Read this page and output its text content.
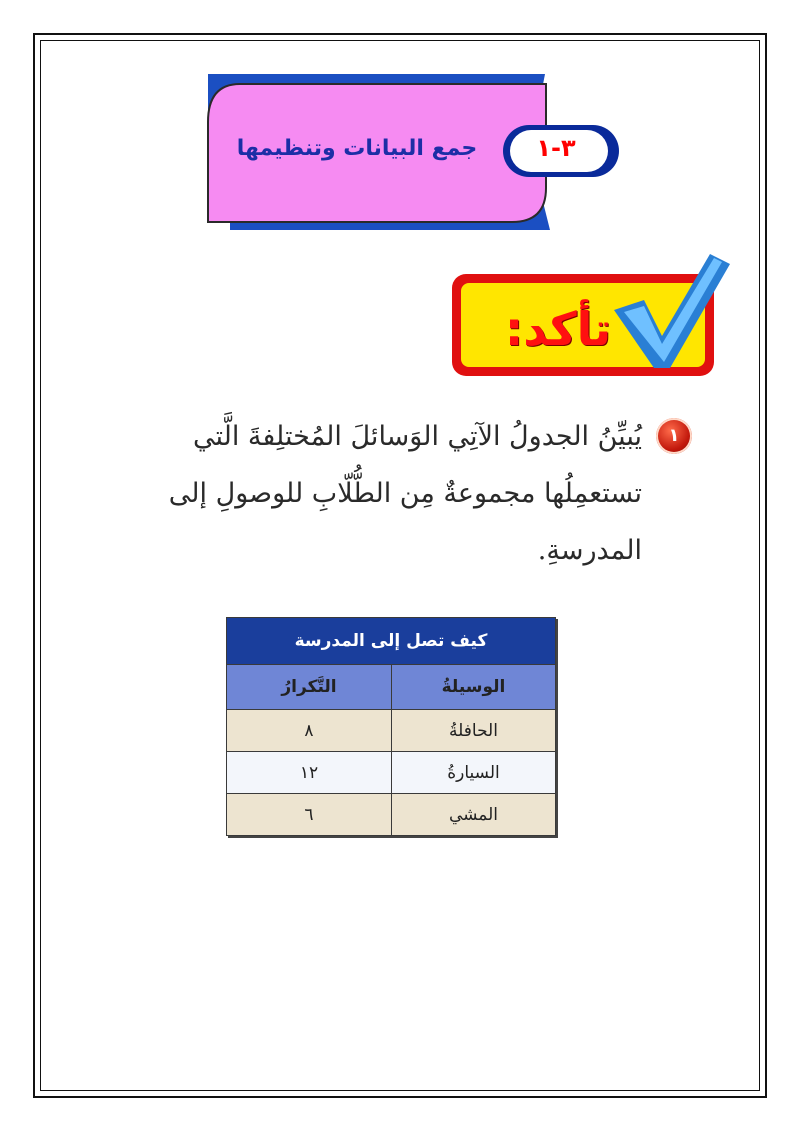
جمع البيانات وتنظيمها	٣-١
تأكد:
١
يُبيِّنُ الجدولُ الآتِي الوَسائلَ المُختلِفةَ الَّتي تستعمِلُها مجموعةٌ مِن الطُّلّابِ للوصولِ إلى المدرسةِ.
كيف تصل إلى المدرسة	
الوسيلةُ	التَّكرارُ
الحافلةُ	٨
السيارةُ	١٢
المشي	٦
